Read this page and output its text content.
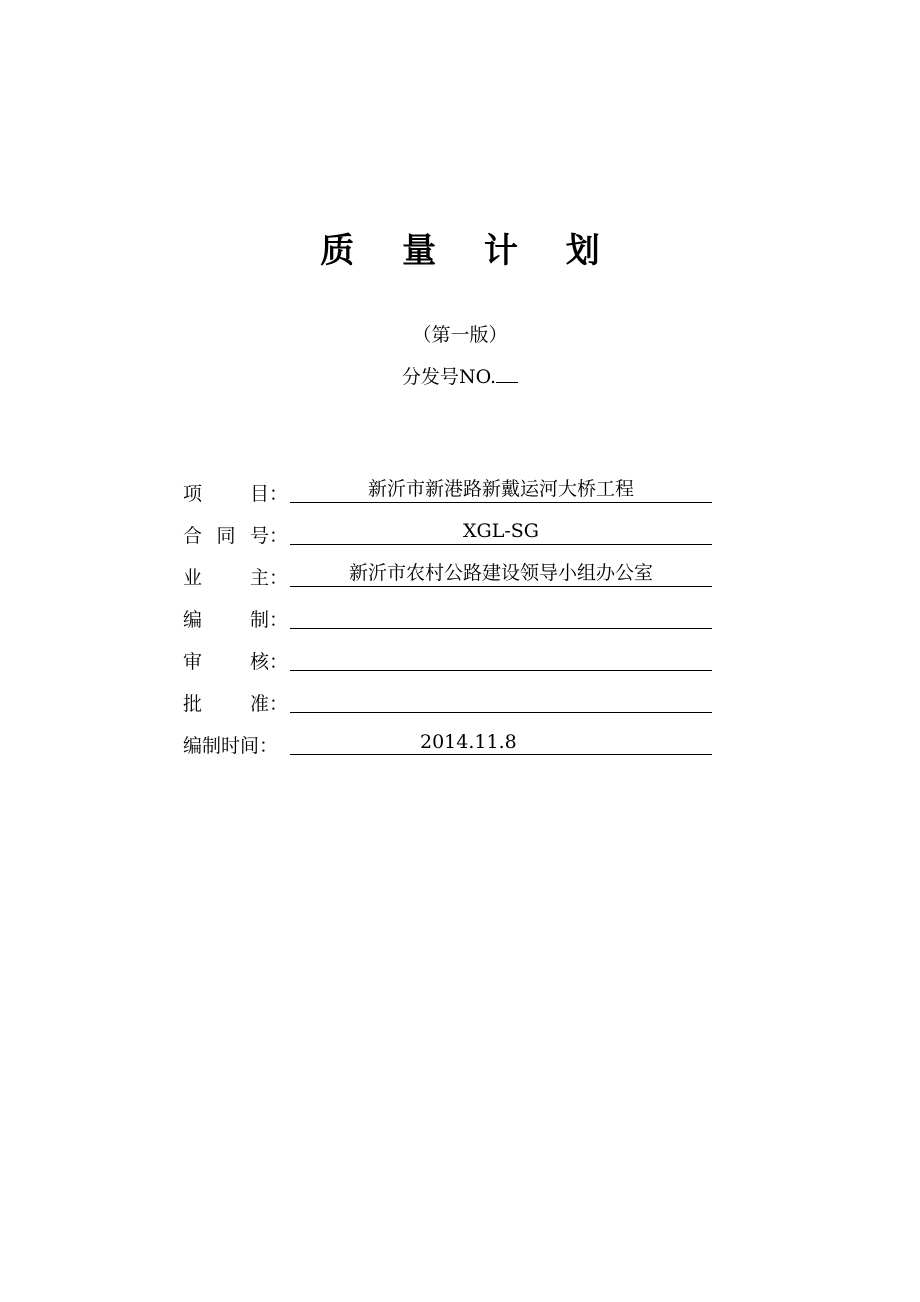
质 量 计 划
（第一版）
分发号NO.
项	目 ：	新沂市新港路新戴运河大桥工程
合 同 号 ：	XGL-SG
业	主 ：	新沂市农村公路建设领导小组办公室
编	制 ：
审	核 ：
批	准 ：
编制时间 ：	2014.11.8
